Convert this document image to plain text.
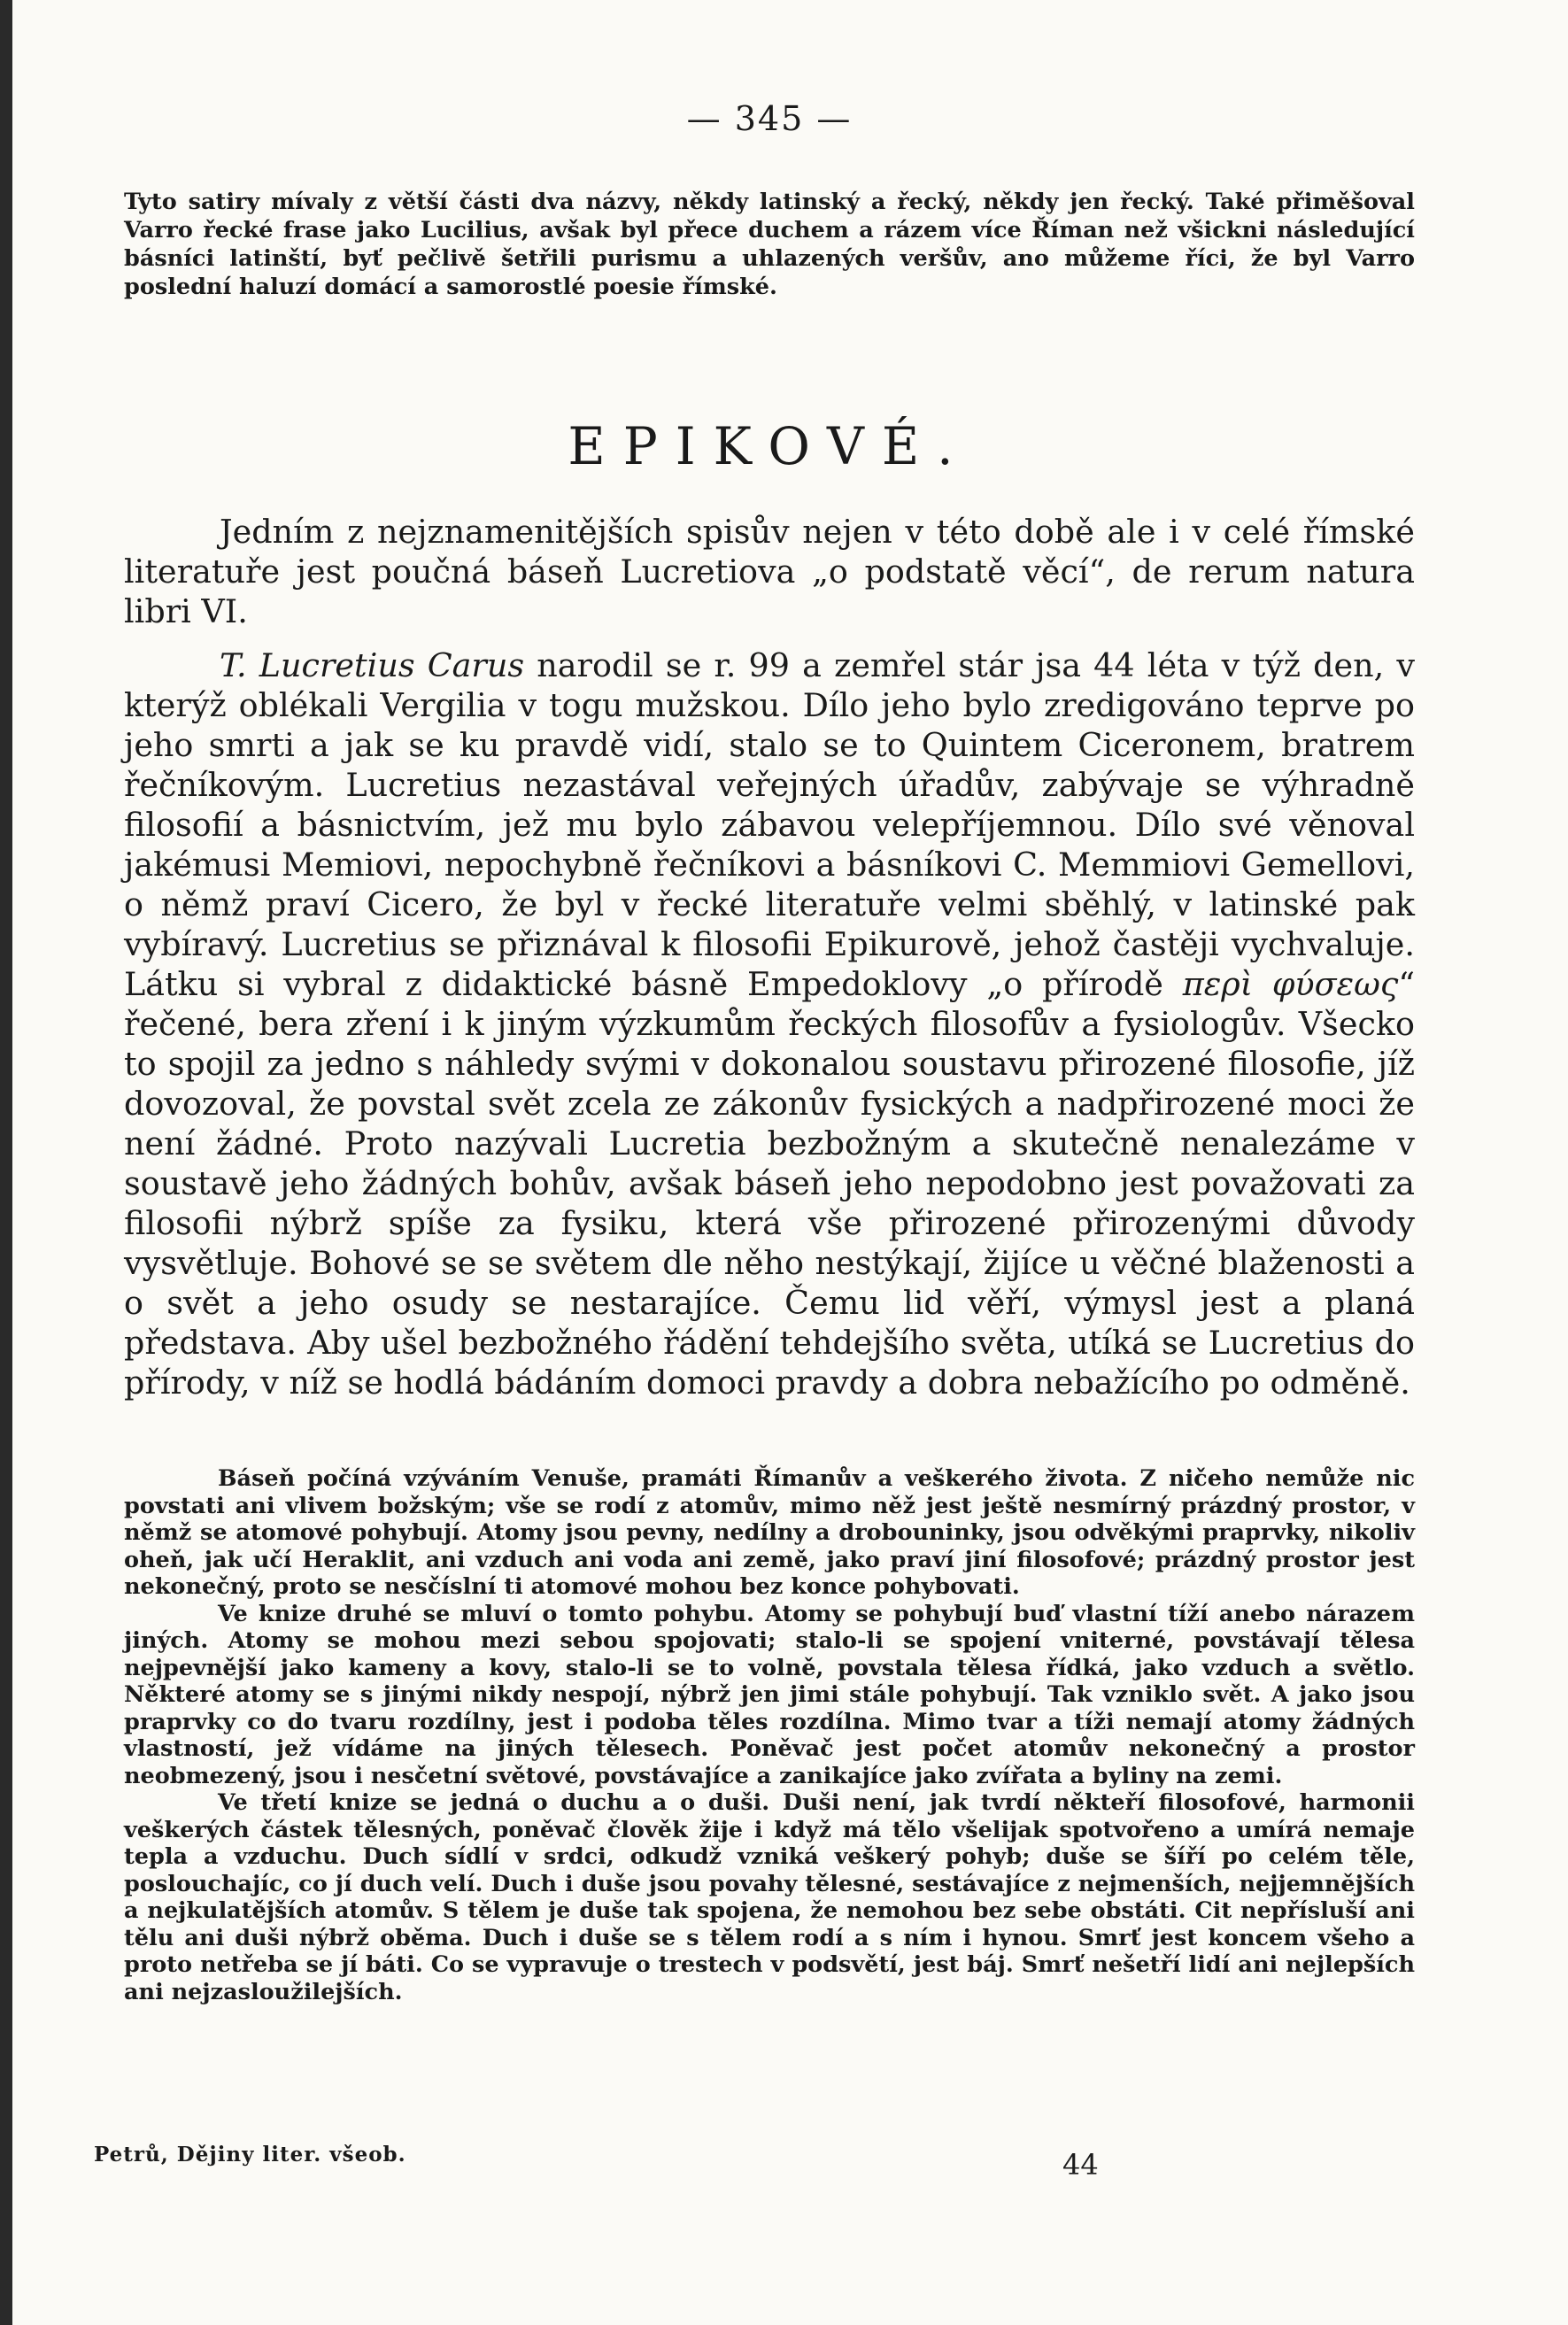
— 345 —

Tyto satiry mívaly z větší části dva názvy, někdy latinský a řecký, někdy jen řecký. Také přiměšoval Varro řecké frase jako Lucilius, avšak byl přece duchem a rázem více Říman než všickni následující básníci latinští, byť pečlivě šetřili purismu a uhlazených veršův, ano můžeme říci, že byl Varro poslední haluzí domácí a samorostlé poesie římské.

EPIKOVÉ.

Jedním z nejznamenitějších spisův nejen v této době ale i v celé římské literatuře jest poučná báseň Lucretiova „o podstatě věcí“, de rerum natura libri VI.

T. Lucretius Carus narodil se r. 99 a zemřel stár jsa 44 léta v týž den, v kterýž oblékali Vergilia v togu mužskou. Dílo jeho bylo zredigováno teprve po jeho smrti a jak se ku pravdě vidí, stalo se to Quintem Ciceronem, bratrem řečníkovým. Lucretius nezastával veřejných úřadův, zabývaje se výhradně filosofií a básnictvím, jež mu bylo zábavou velepříjemnou. Dílo své věnoval jakémusi Memiovi, nepochybně řečníkovi a básníkovi C. Memmiovi Gemellovi, o němž praví Cicero, že byl v řecké literatuře velmi sběhlý, v latinské pak vybíravý. Lucretius se přiznával k filosofii Epikurově, jehož častěji vychvaluje. Látku si vybral z didaktické básně Empedoklovy „o přírodě περὶ φύσεως“ řečené, bera zření i k jiným výzkumům řeckých filosofův a fysiologův. Všecko to spojil za jedno s náhledy svými v dokonalou soustavu přirozené filosofie, jíž dovozoval, že povstal svět zcela ze zákonův fysických a nadpřirozené moci že není žádné. Proto nazývali Lucretia bezbožným a skutečně nenalezáme v soustavě jeho žádných bohův, avšak báseň jeho nepodobno jest považovati za filosofii nýbrž spíše za fysiku, která vše přirozené přirozenými důvody vysvětluje. Bohové se se světem dle něho nestýkají, žijíce u věčné blaženosti a o svět a jeho osudy se nestarajíce. Čemu lid věří, výmysl jest a planá představa. Aby ušel bezbožného řádění tehdejšího světa, utíká se Lucretius do přírody, v níž se hodlá bádáním domoci pravdy a dobra nebažícího po odměně.

Báseň počíná vzýváním Venuše, pramáti Římanův a veškerého života. Z ničeho nemůže nic povstati ani vlivem božským; vše se rodí z atomův, mimo něž jest ještě nesmírný prázdný prostor, v němž se atomové pohybují. Atomy jsou pevny, nedílny a drobouninky, jsou odvěkými praprvky, nikoliv oheň, jak učí Heraklit, ani vzduch ani voda ani země, jako praví jiní filosofové; prázdný prostor jest nekonečný, proto se nesčíslní ti atomové mohou bez konce pohybovati.

Ve knize druhé se mluví o tomto pohybu. Atomy se pohybují buď vlastní tíží anebo nárazem jiných. Atomy se mohou mezi sebou spojovati; stalo-li se spojení vniterné, povstávají tělesa nejpevnější jako kameny a kovy, stalo-li se to volně, povstala tělesa řídká, jako vzduch a světlo. Některé atomy se s jinými nikdy nespojí, nýbrž jen jimi stále pohybují. Tak vzniklo svět. A jako jsou praprvky co do tvaru rozdílny, jest i podoba těles rozdílna. Mimo tvar a tíži nemají atomy žádných vlastností, jež vídáme na jiných tělesech. Poněvač jest počet atomův nekonečný a prostor neobmezený, jsou i nesčetní světové, povstávajíce a zanikajíce jako zvířata a byliny na zemi.

Ve třetí knize se jedná o duchu a o duši. Duši není, jak tvrdí někteří filosofové, harmonii veškerých částek tělesných, poněvač člověk žije i když má tělo všelijak spotvořeno a umírá nemaje tepla a vzduchu. Duch sídlí v srdci, odkudž vzniká veškerý pohyb; duše se šíří po celém těle, poslouchajíc, co jí duch velí. Duch i duše jsou povahy tělesné, sestávajíce z nejmenších, nejjemnějších a nejkulatějších atomův. S tělem je duše tak spojena, že nemohou bez sebe obstáti. Cit nepřísluší ani tělu ani duši nýbrž oběma. Duch i duše se s tělem rodí a s ním i hynou. Smrť jest koncem všeho a proto netřeba se jí báti. Co se vypravuje o trestech v podsvětí, jest báj. Smrť nešetří lidí ani nejlepších ani nejzasloužilejších.

Petrů, Dějiny liter. všeob.	44
